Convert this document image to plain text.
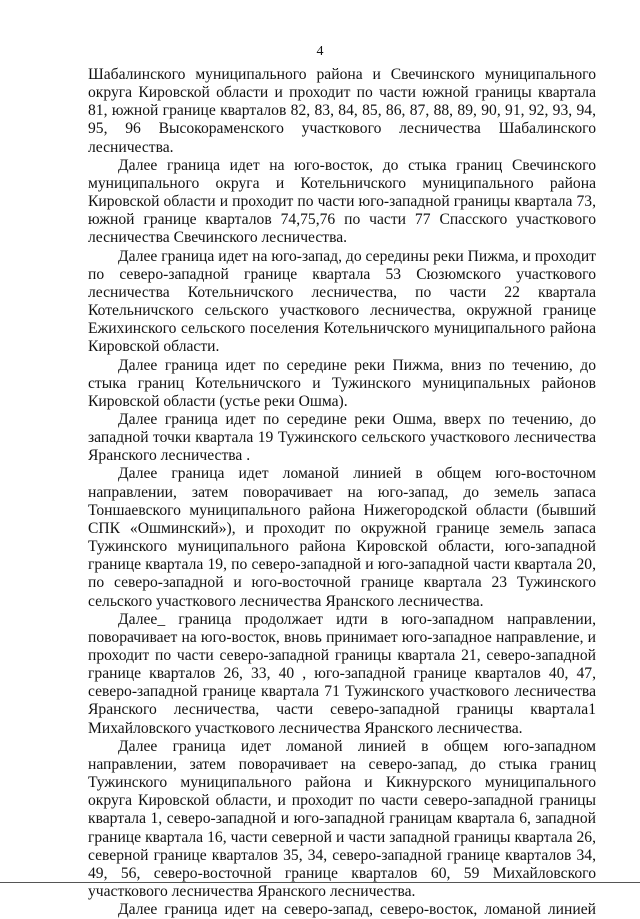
4

Шабалинского муниципального района и Свечинского муниципального округа Кировской области и проходит по части южной границы квартала 81, южной границе кварталов 82, 83, 84, 85, 86, 87, 88, 89, 90, 91, 92, 93, 94, 95, 96 Высокораменского участкового лесничества Шабалинского лесничества.

Далее граница идет на юго-восток, до стыка границ Свечинского муниципального округа и Котельничского муниципального района Кировской области и проходит по части юго-западной границы квартала 73, южной границе кварталов 74,75,76 по части 77 Спасского участкового лесничества Свечинского лесничества.

Далее граница идет на юго-запад, до середины реки Пижма, и проходит по северо-западной границе квартала 53 Сюзюмского участкового лесничества Котельничского лесничества, по части 22 квартала Котельничского сельского участкового лесничества, окружной границе Ежихинского сельского поселения Котельничского муниципального района Кировской области.

Далее граница идет по середине реки Пижма, вниз по течению, до стыка границ Котельничского и Тужинского муниципальных районов Кировской области (устье реки Ошма).

Далее граница идет по середине реки Ошма, вверх по течению, до западной точки квартала 19 Тужинского сельского участкового лесничества Яранского лесничества .

Далее граница идет ломаной линией в общем юго-восточном направлении, затем поворачивает на юго-запад, до земель запаса Тоншаевского муниципального района Нижегородской области (бывший СПК «Ошминский»), и проходит по окружной границе земель запаса Тужинского муниципального района Кировской области, юго-западной границе квартала 19, по северо-западной и юго-западной части квартала 20, по северо-западной и юго-восточной границе квартала 23 Тужинского сельского участкового лесничества Яранского лесничества.

Далее_ граница продолжает идти в юго-западном направлении, поворачивает на юго-восток, вновь принимает юго-западное направление, и проходит по части северо-западной границы квартала 21, северо-западной границе кварталов 26, 33, 40 , юго-западной границе кварталов 40, 47, северо-западной границе квартала 71 Тужинского участкового лесничества Яранского лесничества, части северо-западной границы квартала1 Михайловского участкового лесничества Яранского лесничества.

Далее граница идет ломаной линией в общем юго-западном направлении, затем поворачивает на северо-запад, до стыка границ Тужинского муниципального района и Кикнурского муниципального округа Кировской области, и проходит по части северо-западной границы квартала 1, северо-западной и юго-западной границам квартала 6, западной границе квартала 16, части северной и части западной границы квартала 26, северной границе кварталов 35, 34, северо-западной границе кварталов 34, 49, 56, северо-восточной границе кварталов 60, 59 Михайловского участкового лесничества Яранского лесничества.

Далее граница идет на северо-запад, северо-восток, ломаной линией
